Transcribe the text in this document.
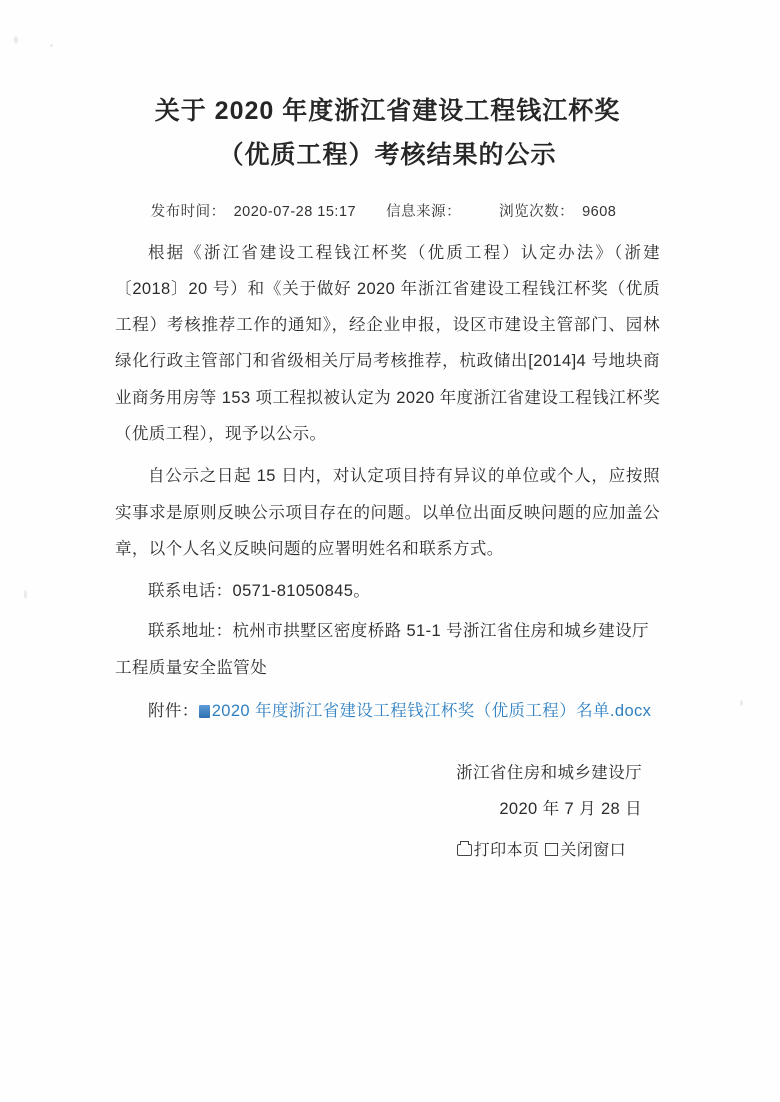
关于 2020 年度浙江省建设工程钱江杯奖
（优质工程）考核结果的公示
发布时间： 2020-07-28 15:17 信息来源：	浏览次数： 9608

根据《浙江省建设工程钱江杯奖（优质工程）认定办法》（浙建〔2018〕20 号）和《关于做好 2020 年浙江省建设工程钱江杯奖（优质工程）考核推荐工作的通知》，经企业申报，设区市建设主管部门、园林绿化行政主管部门和省级相关厅局考核推荐，杭政储出[2014]4 号地块商业商务用房等 153 项工程拟被认定为 2020 年度浙江省建设工程钱江杯奖（优质工程），现予以公示。

自公示之日起 15 日内，对认定项目持有异议的单位或个人，应按照实事求是原则反映公示项目存在的问题。以单位出面反映问题的应加盖公章，以个人名义反映问题的应署明姓名和联系方式。

联系电话：0571-81050845。

联系地址：杭州市拱墅区密度桥路 51-1 号浙江省住房和城乡建设厅工程质量安全监管处

附件： 2020 年度浙江省建设工程钱江杯奖（优质工程）名单.docx

浙江省住房和城乡建设厅
2020 年 7 月 28 日
打印本页 关闭窗口
